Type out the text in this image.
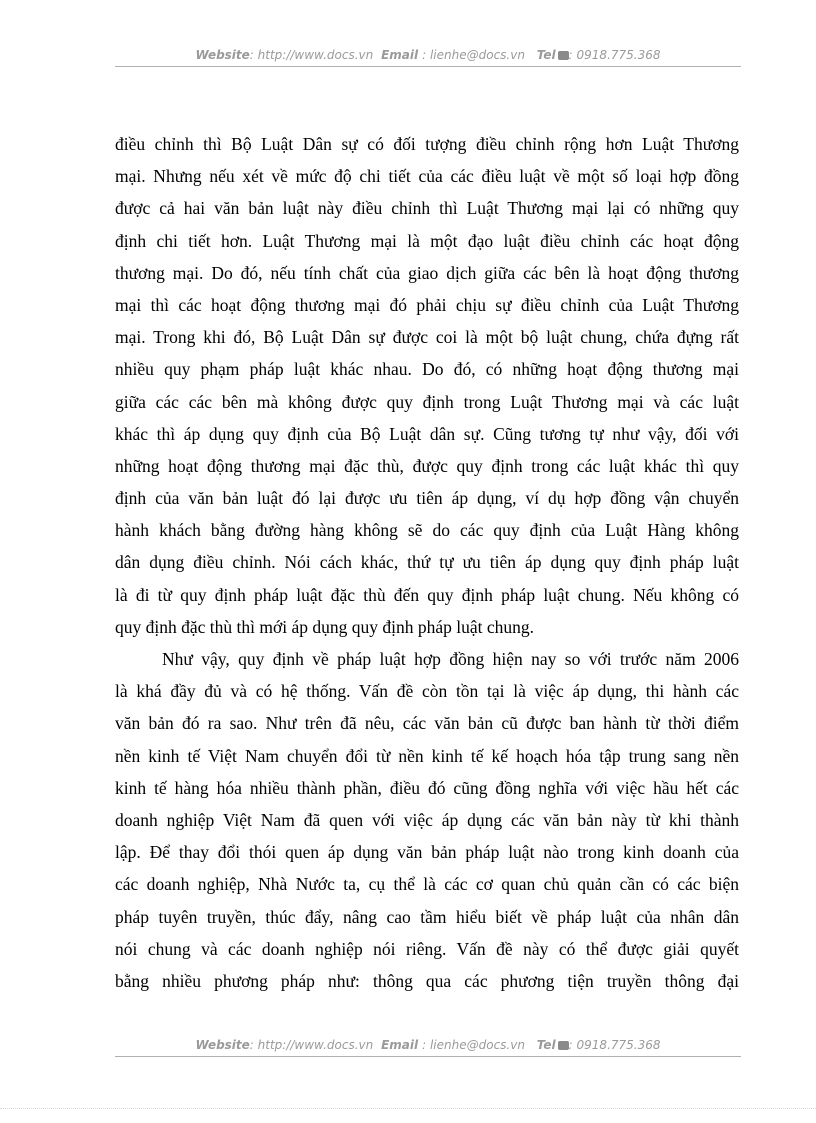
Website: http://www.docs.vn Email : lienhe@docs.vn Tel : 0918.775.368
điều chỉnh thì Bộ Luật Dân sự có đối tượng điều chỉnh rộng hơn Luật Thương
mại. Nhưng nếu xét về mức độ chi tiết của các điều luật về một số loại hợp đồng
được cả hai văn bản luật này điều chỉnh thì Luật Thương mại lại có những quy
định chi tiết hơn. Luật Thương mại là một đạo luật điều chỉnh các hoạt động
thương mại. Do đó, nếu tính chất của giao dịch giữa các bên là hoạt động thương
mại thì các hoạt động thương mại đó phải chịu sự điều chỉnh của Luật Thương
mại. Trong khi đó, Bộ Luật Dân sự được coi là một bộ luật chung, chứa đựng rất
nhiều quy phạm pháp luật khác nhau. Do đó, có những hoạt động thương mại
giữa các các bên mà không được quy định trong Luật Thương mại và các luật
khác thì áp dụng quy định của Bộ Luật dân sự. Cũng tương tự như vậy, đối với
những hoạt động thương mại đặc thù, được quy định trong các luật khác thì quy
định của văn bản luật đó lại được ưu tiên áp dụng, ví dụ hợp đồng vận chuyển
hành khách bằng đường hàng không sẽ do các quy định của Luật Hàng không
dân dụng điều chỉnh. Nói cách khác, thứ tự ưu tiên áp dụng quy định pháp luật
là đi từ quy định pháp luật đặc thù đến quy định pháp luật chung. Nếu không có
quy định đặc thù thì mới áp dụng quy định pháp luật chung.
Như vậy, quy định về pháp luật hợp đồng hiện nay so với trước năm 2006
là khá đầy đủ và có hệ thống. Vấn đề còn tồn tại là việc áp dụng, thi hành các
văn bản đó ra sao. Như trên đã nêu, các văn bản cũ được ban hành từ thời điểm
nền kinh tế Việt Nam chuyển đổi từ nền kinh tế kế hoạch hóa tập trung sang nền
kinh tế hàng hóa nhiều thành phần, điều đó cũng đồng nghĩa với việc hầu hết các
doanh nghiệp Việt Nam đã quen với việc áp dụng các văn bản này từ khi thành
lập. Để thay đổi thói quen áp dụng văn bản pháp luật nào trong kinh doanh của
các doanh nghiệp, Nhà Nước ta, cụ thể là các cơ quan chủ quản cần có các biện
pháp tuyên truyền, thúc đẩy, nâng cao tầm hiểu biết về pháp luật của nhân dân
nói chung và các doanh nghiệp nói riêng. Vấn đề này có thể được giải quyết
bằng nhiều phương pháp như: thông qua các phương tiện truyền thông đại
Website: http://www.docs.vn Email : lienhe@docs.vn Tel : 0918.775.368
